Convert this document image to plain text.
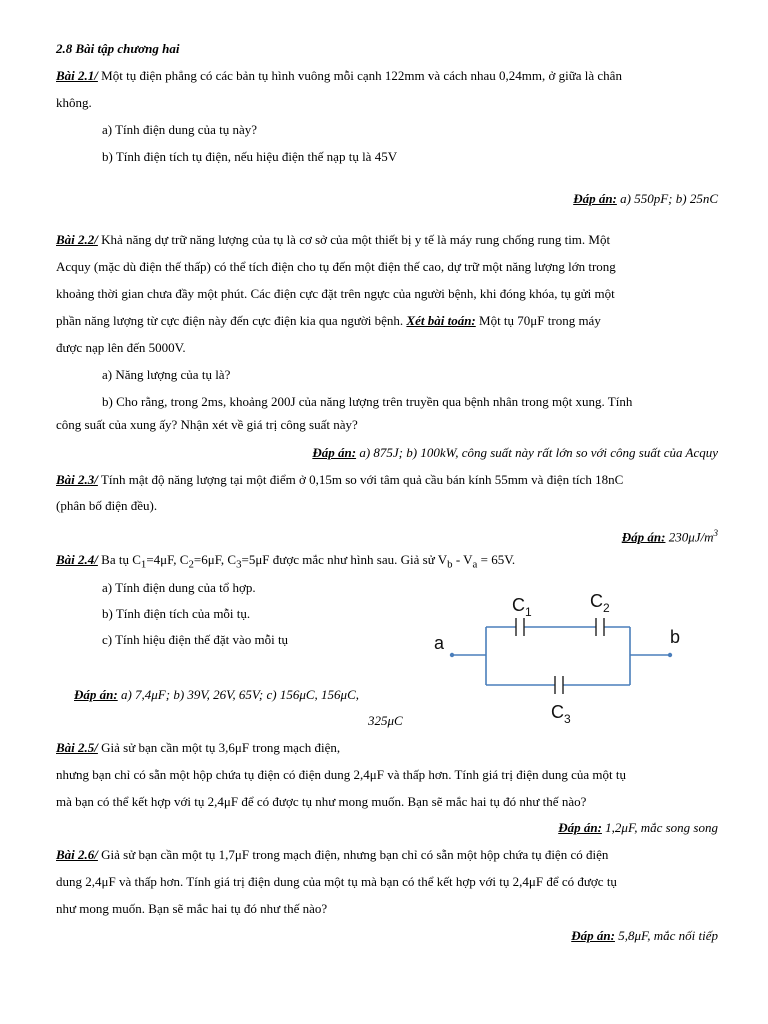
2.8 Bài tập chương hai
Bài 2.1/ Một tụ điện phẳng có các bản tụ hình vuông mỗi cạnh 122mm và cách nhau 0,24mm, ở giữa là chân
không.
a) Tính điện dung của tụ này?
b) Tính điện tích tụ điện, nếu hiệu điện thế nạp tụ là 45V
Đáp án: a) 550pF; b) 25nC
Bài 2.2/ Khả năng dự trữ năng lượng của tụ là cơ sở của một thiết bị y tế là máy rung chống rung tim. Một
Acquy (mặc dù điện thế thấp) có thể tích điện cho tụ đến một điện thế cao, dự trữ một năng lượng lớn trong
khoảng thời gian chưa đầy một phút. Các điện cực đặt trên ngực của người bệnh, khi đóng khóa, tụ gửi một
phần năng lượng từ cực điện này đến cực điện kia qua người bệnh. Xét bài toán: Một tụ 70μF trong máy
được nạp lên đến 5000V.
a) Năng lượng của tụ là?
b) Cho rằng, trong 2ms, khoảng 200J của năng lượng trên truyền qua bệnh nhân trong một xung. Tính
công suất của xung ấy? Nhận xét về giá trị công suất này?
Đáp án: a) 875J; b) 100kW, công suất này rất lớn so với công suất của Acquy
Bài 2.3/ Tính mật độ năng lượng tại một điểm ở 0,15m so với tâm quả cầu bán kính 55mm và điện tích 18nC
(phân bố điện đều).
Đáp án: $230\mu J/m^3$
Bài 2.4/ Ba tụ $C_1=4\mu F$, $C_2=6\mu F$, $C_3=5\mu F$ được mắc như hình sau. Giả sử $V_b - V_a = 65V$.
a) Tính điện dung của tổ hợp.
b) Tính điện tích của mỗi tụ.
c) Tính hiệu điện thế đặt vào mỗi tụ
Đáp án: a) 7,4μF; b) 39V, 26V, 65V; c) 156μC, 156μC,
325μC
a	b
$C_1$
$C_2$
$C_3$
Bài 2.5/ Giả sử bạn cần một tụ 3,6μF trong mạch điện,
nhưng bạn chỉ có sẵn một hộp chứa tụ điện có điện dung 2,4μF và thấp hơn. Tính giá trị điện dung của một tụ
mà bạn có thể kết hợp với tụ 2,4μF để có được tụ như mong muốn. Bạn sẽ mắc hai tụ đó như thế nào?
Đáp án: 1,2μF, mắc song song
Bài 2.6/ Giả sử bạn cần một tụ 1,7μF trong mạch điện, nhưng bạn chỉ có sẵn một hộp chứa tụ điện có điện
dung 2,4μF và thấp hơn. Tính giá trị điện dung của một tụ mà bạn có thể kết hợp với tụ 2,4μF để có được tụ
như mong muốn. Bạn sẽ mắc hai tụ đó như thế nào?
Đáp án: 5,8μF, mắc nối tiếp
